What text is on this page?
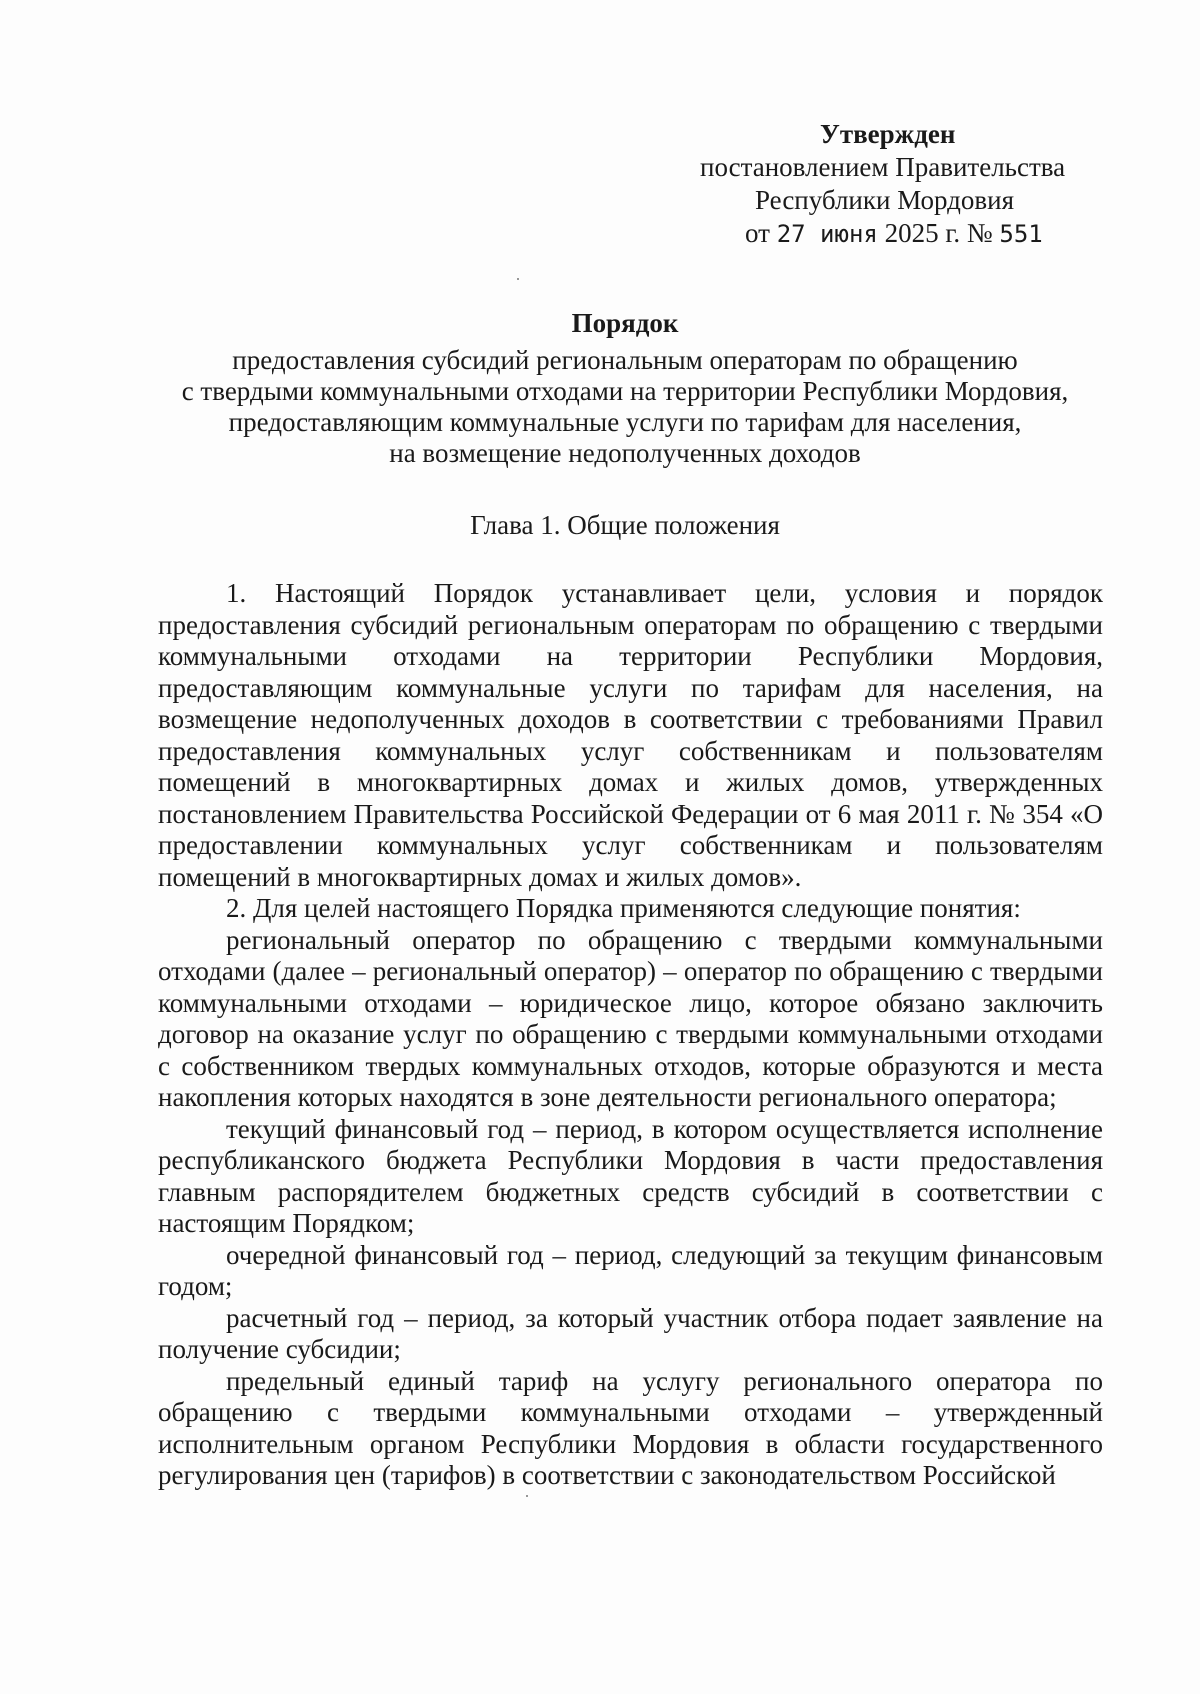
Утвержден
постановлением Правительства
Республики Мордовия
от 27 июня 2025 г. № 551
Порядок
предоставления субсидий региональным операторам по обращению
с твердыми коммунальными отходами на территории Республики Мордовия,
предоставляющим коммунальные услуги по тарифам для населения,
на возмещение недополученных доходов
Глава 1. Общие положения

1. Настоящий Порядок устанавливает цели, условия и порядок предоставления субсидий региональным операторам по обращению с твердыми коммунальными отходами на территории Республики Мордовия, предоставляющим коммунальные услуги по тарифам для населения, на возмещение недополученных доходов в соответствии с требованиями Правил предоставления коммунальных услуг собственникам и пользователям помещений в многоквартирных домах и жилых домов, утвержденных постановлением Правительства Российской Федерации от 6 мая 2011 г. № 354 «О предоставлении коммунальных услуг собственникам и пользователям помещений в многоквартирных домах и жилых домов».

2. Для целей настоящего Порядка применяются следующие понятия:

региональный оператор по обращению с твердыми коммунальными отходами (далее – региональный оператор) – оператор по обращению с твердыми коммунальными отходами – юридическое лицо, которое обязано заключить договор на оказание услуг по обращению с твердыми коммунальными отходами с собственником твердых коммунальных отходов, которые образуются и места накопления которых находятся в зоне деятельности регионального оператора;

текущий финансовый год – период, в котором осуществляется исполнение республиканского бюджета Республики Мордовия в части предоставления главным распорядителем бюджетных средств субсидий в соответствии с настоящим Порядком;

очередной финансовый год – период, следующий за текущим финансовым годом;

расчетный год – период, за который участник отбора подает заявление на получение субсидии;

предельный единый тариф на услугу регионального оператора по обращению с твердыми коммунальными отходами – утвержденный исполнительным органом Республики Мордовия в области государственного регулирования цен (тарифов) в соответствии с законодательством Российской
